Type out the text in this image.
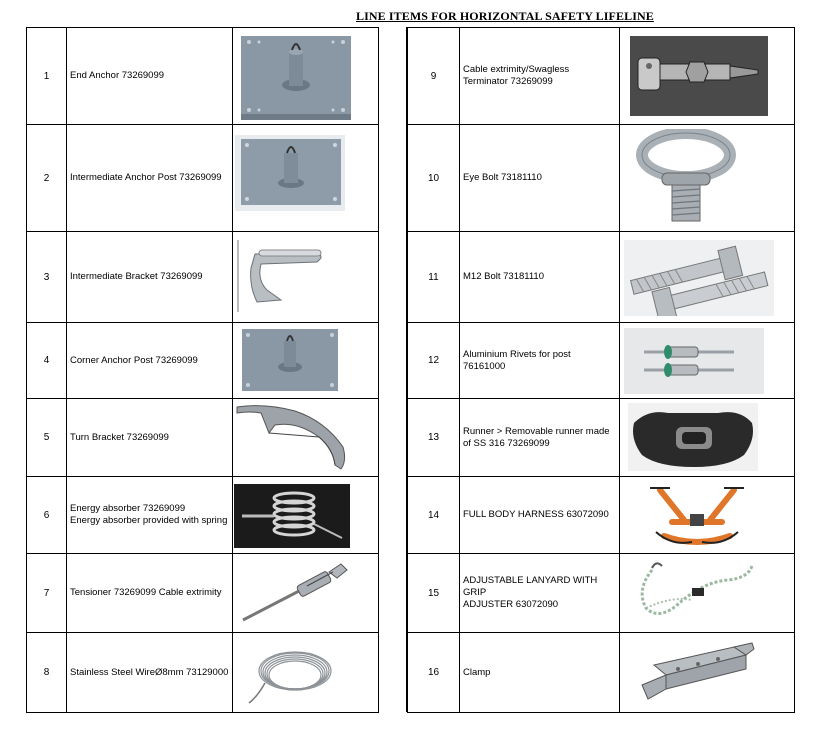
LINE ITEMS FOR HORIZONTAL SAFETY LIFELINE
1	End Anchor 73269099	

2	Intermediate Anchor Post 73269099	

3	Intermediate Bracket 73269099	

4	Corner Anchor Post 73269099	

5	Turn Bracket 73269099	

6	Energy absorber 73269099
Energy absorber provided with spring

7	Tensioner 73269099 Cable extrimity	

8	Stainless Steel WireØ8mm 73129000	
9	Cable extrimity/Swagless
Terminator 73269099

10	Eye Bolt 73181110	

11	M12 Bolt 73181110	

12	Aluminium Rivets for post
76161000

13	Runner > Removable runner made
of SS 316 73269099

14	FULL BODY HARNESS 63072090	

15	ADJUSTABLE LANYARD WITH GRIP
ADJUSTER 63072090

16	Clamp	
